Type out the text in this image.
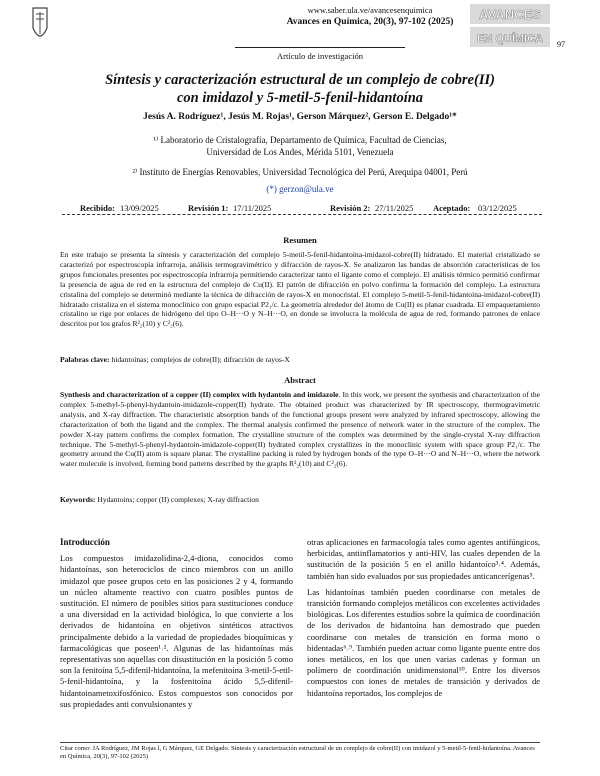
www.saber.ula.ve/avancesenquimica
Avances en Química, 20(3), 97-102 (2025)
Artículo de investigación
97
AVANCES
EN QUÍMICA
Síntesis y caracterización estructural de un complejo de cobre(II)
con imidazol y 5-metil-5-fenil-hidantoína
Jesús A. Rodríguez¹, Jesús M. Rojas¹, Gerson Márquez², Gerson E. Delgado¹*
¹⁾ Laboratorio de Cristalografía, Departamento de Química, Facultad de Ciencias,
Universidad de Los Andes, Mérida 5101, Venezuela
²⁾ Instituto de Energías Renovables, Universidad Tecnológica del Perú, Arequipa 04001, Perú
(*) gerzon@ula.ve
Recibido: 13/09/2025	Revisión 1: 17/11/2025	Revisión 2: 27/11/2025 Aceptado: 03/12/2025
Resumen
En este trabajo se presenta la síntesis y caracterización del complejo 5-metil-5-fenil-hidantoína-imidazol-cobre(II) hidratado. El material cristalizado se caracterizó por espectroscopía infrarroja, análisis termogravimétrico y difracción de rayos-X. Se analizaron las bandas de absorción características de los grupos funcionales presentes por espectroscopía infrarroja permitiendo caracterizar tanto el ligante como el complejo. El análisis térmico permitió confirmar la presencia de agua de red en la estructura del complejo de Cu(II). El patrón de difracción en polvo confirma la formación del complejo. La estructura cristalina del complejo se determinó mediante la técnica de difracción de rayos-X en monocristal. El complejo 5-metil-5-fenil-hidantoína-imidazol-cobre(II) hidratado cristaliza en el sistema monoclínico con grupo espacial P2₁/c. La geometría alrededor del átomo de Cu(II) es planar cuadrada. El empaquetamiento cristalino se rige por enlaces de hidrógeno del tipo O–H···O y N–H···O, en donde se involucra la molécula de agua de red, formando patrones de enlace descritos por los grafos R²₂(10) y C²₂(6).
Palabras clave: hidantoínas; complejos de cobre(II); difracción de rayos-X
Abstract
Synthesis and characterization of a copper (II) complex with hydantoin and imidazole. In this work, we present the synthesis and characterization of the complex 5-methyl-5-phenyl-hydantoin-imidazole-copper(II) hydrate. The obtained product was characterized by IR spectroscopy, thermogravimetric analysis, and X-ray diffraction. The characteristic absorption bands of the functional groups present were analyzed by infrared spectroscopy, allowing the characterization of both the ligand and the complex. The thermal analysis confirmed the presence of network water in the structure of the complex. The powder X-ray pattern confirms the complex formation. The crystalline structure of the complex was determined by the single-crystal X-ray diffraction technique. The 5-methyl-5-phenyl-hydantoin-imidazole-copper(II) hydrated complex crystallizes in the monoclinic system with space group P2₁/c. The geometry around the Cu(II) atom is square planar. The crystalline packing is ruled by hydrogen bonds of the type O–H···O and N–H···O, where the network water molecule is involved, forming bond patterns described by the graphs R²₂(10) and C²₂(6).
Keywords: Hydantoins; copper (II) complexes; X-ray diffraction
Introducción

Los compuestos imidazolidina-2,4-diona, conocidos como hidantoínas, son heterociclos de cinco miembros con un anillo imidazol que posee grupos ceto en las posiciones 2 y 4, formando un núcleo altamente reactivo con cuatro posibles puntos de sustitución. El número de posibles sitios para sustituciones conduce a una diversidad en la actividad biológica, lo que convierte a los derivados de hidantoína en objetivos sintéticos atractivos principalmente debido a la variedad de propiedades bioquímicas y farmacológicas que poseen¹˒². Algunas de las hidantoínas más representativas son aquellas con disustitución en la posición 5 como son la fenitoína 5,5-difenil-hidantoína, la mefenitoína 3-metil-5-etil-5-fenil-hidantoína, y la fosfenitoína ácido 5,5-difenil-hidantoinametoxifosfónico. Estos compuestos son conocidos por sus propiedades anti convulsionantes y

otras aplicaciones en farmacología tales como agentes antifúngicos, herbicidas, antiinflamatorios y anti-HIV, las cuales dependen de la sustitución de la posición 5 en el anillo hidantoíco³˒⁴. Además, también han sido evaluados por sus propiedades anticancerígenas⁵.

Las hidantoínas también pueden coordinarse con metales de transición formando complejos metálicos con excelentes actividades biológicas. Los diferentes estudios sobre la química de coordinación de los derivados de hidantoína han demostrado que pueden coordinarse con metales de transición en forma mono o bidentadas⁶˒⁹. También pueden actuar como ligante puente entre dos iones metálicos, en los que unen varias cadenas y forman un polímero de coordinación unidimensional¹⁰. Entre los diversos compuestos con iones de metales de transición y derivados de hidantoína reportados, los complejos de

Citar como: JA Rodríguez, JM Rojas l, G Márquez, GE Delgado. Síntesis y caracterización estructural de un complejo de cobre(II) con imidazol y 5-metil-5-fenil-hidantoína. Avances en Química, 20(3), 97-102 (2025)
